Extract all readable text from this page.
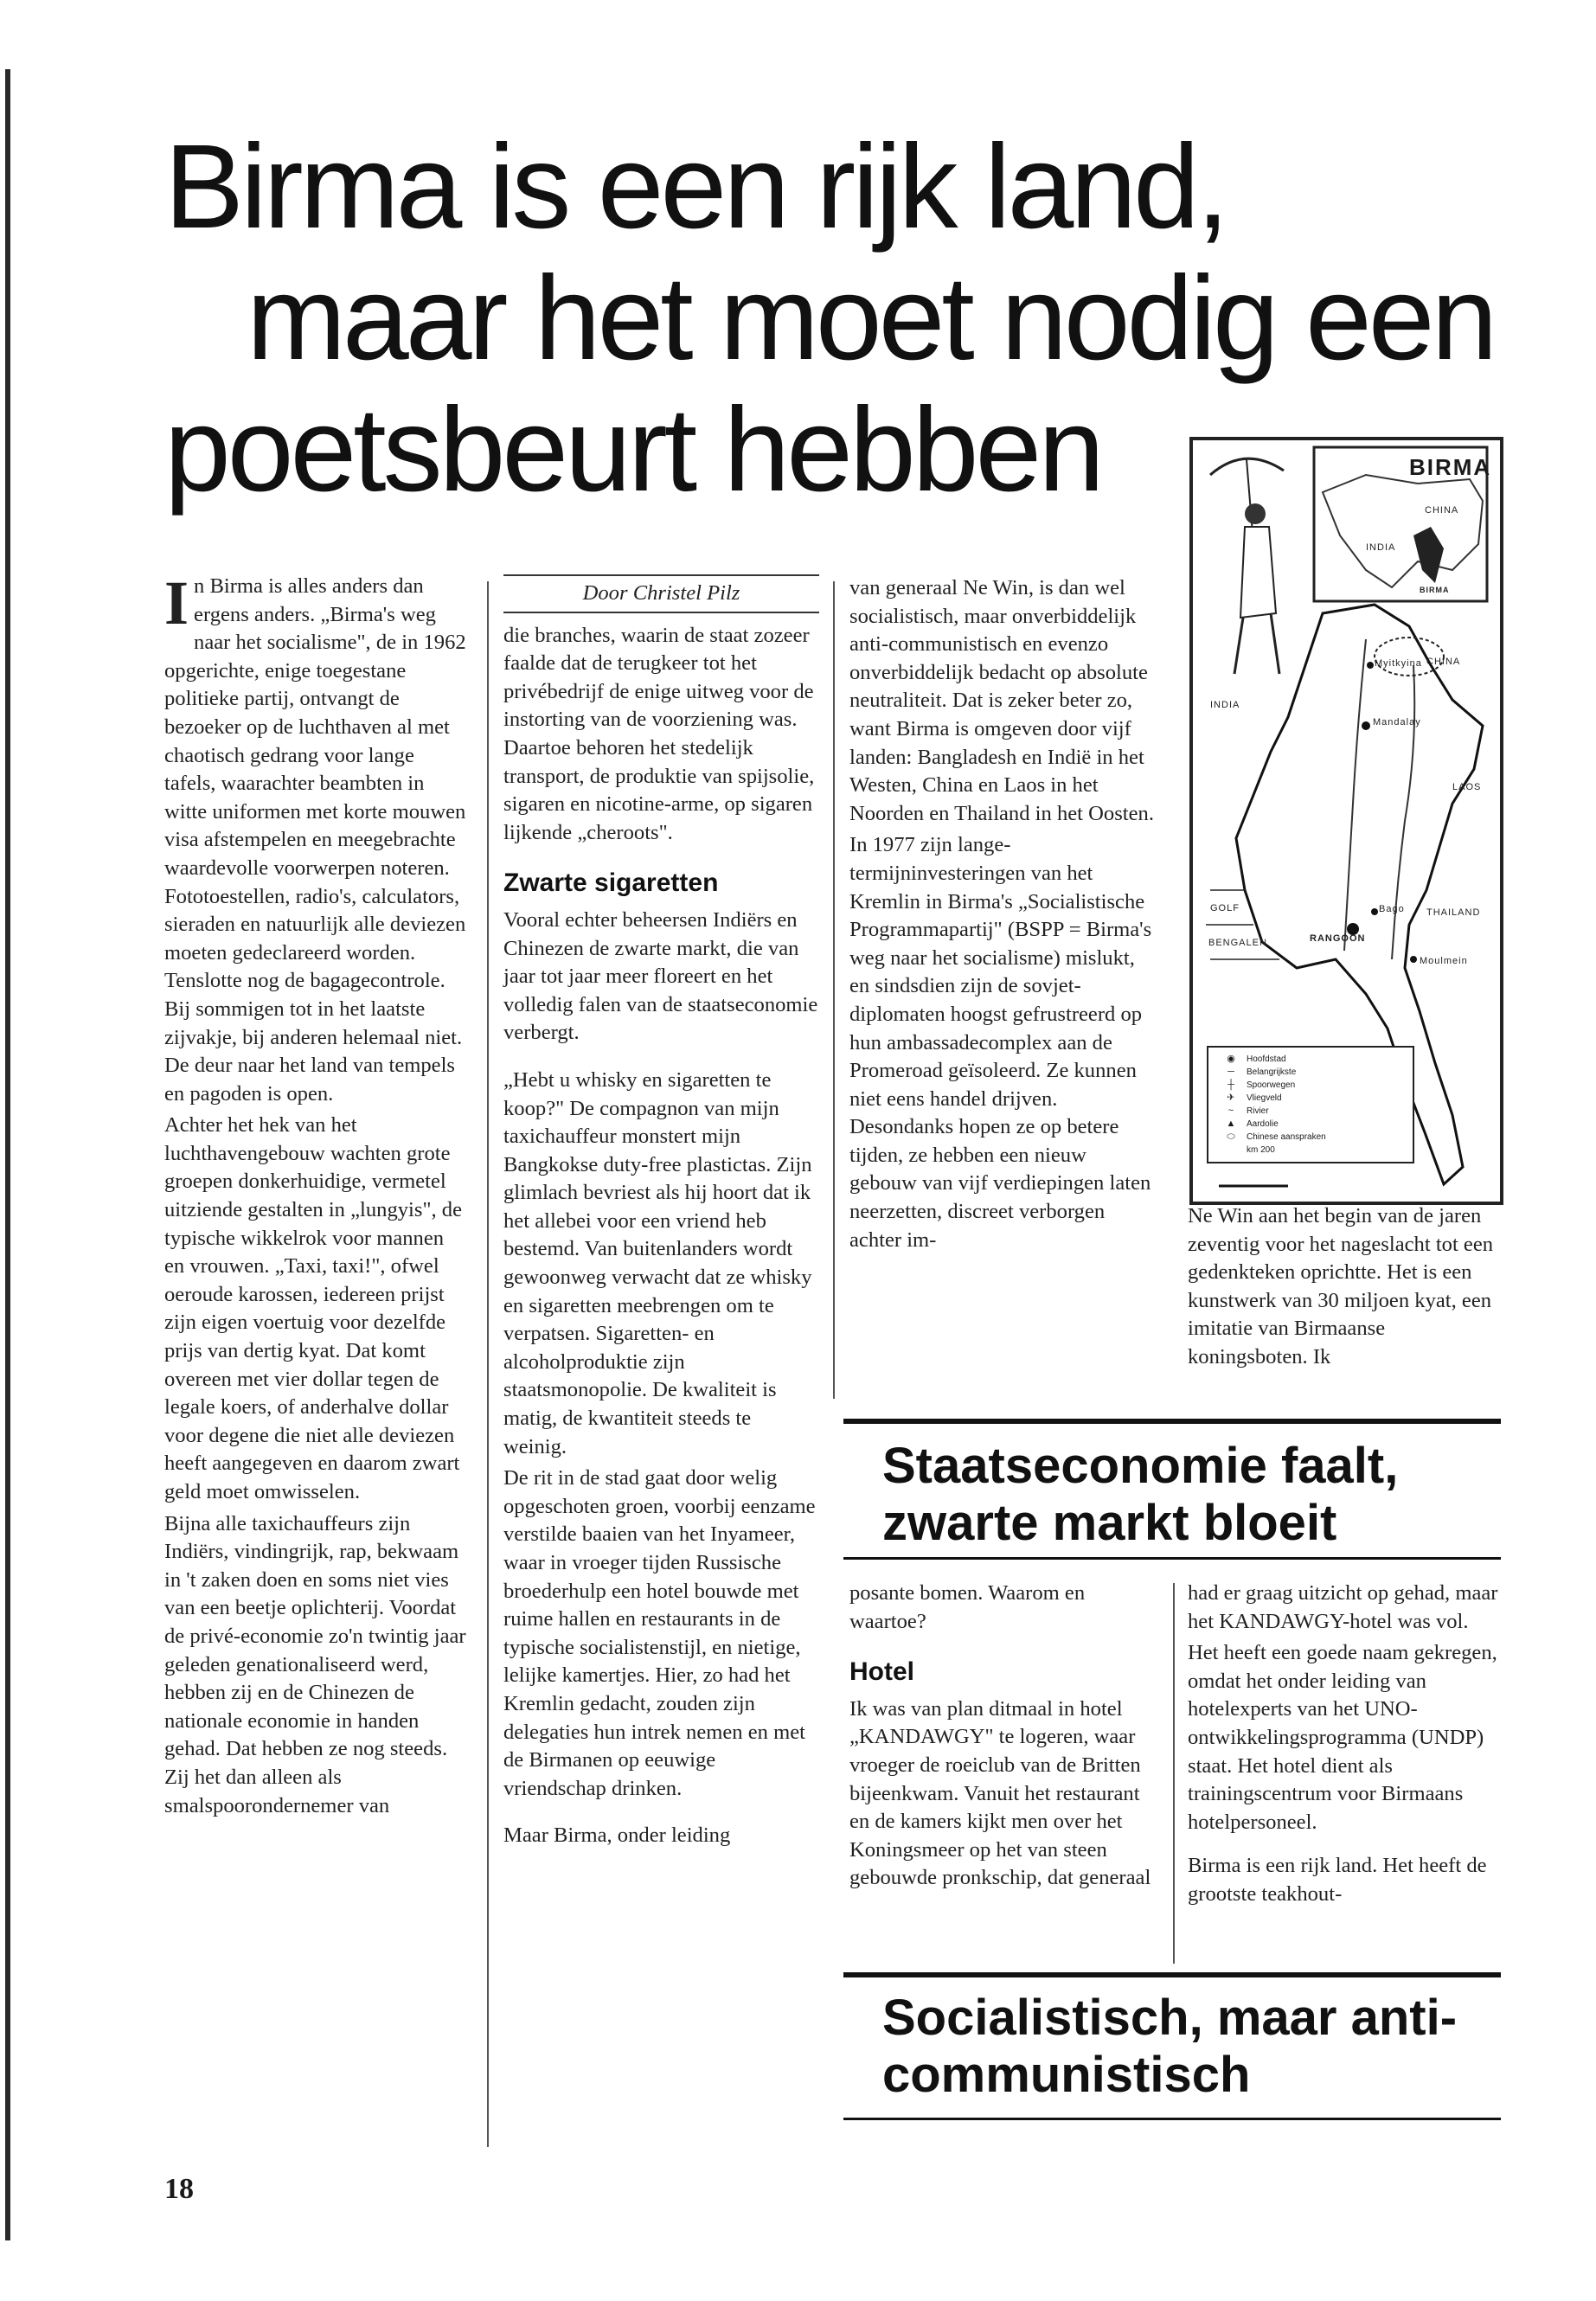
Birma is een rijk land,
maar het moet nodig een
poetsbeurt hebben	BIRMA
CHINA
INDIA
BIRMA
CHINA
INDIA
LAOS
THAILAND
GOLF
BENGALEN	RANGOON
Mandalay
Myitkyina
Bago
Moulmein
◉	Hoofdstad
─	Belangrijkste
┼	Spoorwegen
✈	Vliegveld
~	Rivier
▲	Aardolie
⬭	Chinese aanspraken
km 200

In Birma is alles anders dan ergens anders. „Birma's weg naar het socialisme", de in 1962 opgerichte, enige toegestane politieke partij, ontvangt de bezoeker op de luchthaven al met chaotisch gedrang voor lange tafels, waarachter beambten in witte uniformen met korte mouwen visa afstempelen en meegebrachte waardevolle voorwerpen noteren. Fototoestellen, radio's, calculators, sieraden en natuurlijk alle deviezen moeten gedeclareerd worden. Tenslotte nog de bagagecontrole. Bij sommigen tot in het laatste zijvakje, bij anderen helemaal niet. De deur naar het land van tempels en pagoden is open.

Achter het hek van het luchthavengebouw wachten grote groepen donkerhuidige, vermetel uitziende gestalten in „lungyis", de typische wikkelrok voor mannen en vrouwen. „Taxi, taxi!", ofwel oeroude karossen, iedereen prijst zijn eigen voertuig voor dezelfde prijs van dertig kyat. Dat komt overeen met vier dollar tegen de legale koers, of anderhalve dollar voor degene die niet alle deviezen heeft aangegeven en daarom zwart geld moet omwisselen.

Bijna alle taxichauffeurs zijn Indiërs, vindingrijk, rap, bekwaam in 't zaken doen en soms niet vies van een beetje oplichterij. Voordat de privé-economie zo'n twintig jaar geleden genationaliseerd werd, hebben zij en de Chinezen de nationale economie in handen gehad. Dat hebben ze nog steeds. Zij het dan alleen als smalspoorondernemer van

Door Christel Pilz

die branches, waarin de staat zozeer faalde dat de terugkeer tot het privébedrijf de enige uitweg voor de instorting van de voorziening was. Daartoe behoren het stedelijk transport, de produktie van spijsolie, sigaren en nicotine-arme, op sigaren lijkende „cheroots".

Zwarte sigaretten

Vooral echter beheersen Indiërs en Chinezen de zwarte markt, die van jaar tot jaar meer floreert en het volledig falen van de staatseconomie verbergt.

„Hebt u whisky en sigaretten te koop?" De compagnon van mijn taxichauffeur monstert mijn Bangkokse duty-free plastictas. Zijn glimlach bevriest als hij hoort dat ik het allebei voor een vriend heb bestemd. Van buitenlanders wordt gewoonweg verwacht dat ze whisky en sigaretten meebrengen om te verpatsen. Sigaretten- en alcoholproduktie zijn staatsmonopolie. De kwaliteit is matig, de kwantiteit steeds te weinig.

De rit in de stad gaat door welig opgeschoten groen, voorbij eenzame verstilde baaien van het Inyameer, waar in vroeger tijden Russische broederhulp een hotel bouwde met ruime hallen en restaurants in de typische socialistenstijl, en nietige, lelijke kamertjes. Hier, zo had het Kremlin gedacht, zouden zijn delegaties hun intrek nemen en met de Birmanen op eeuwige vriendschap drinken.

Maar Birma, onder leiding

van generaal Ne Win, is dan wel socialistisch, maar onverbiddelijk anti-communistisch en evenzo onverbiddelijk bedacht op absolute neutraliteit. Dat is zeker beter zo, want Birma is omgeven door vijf landen: Bangladesh en Indië in het Westen, China en Laos in het Noorden en Thailand in het Oosten.

In 1977 zijn lange-termijninvesteringen van het Kremlin in Birma's „Socialistische Programmapartij" (BSPP = Birma's weg naar het socialisme) mislukt, en sindsdien zijn de sovjet-diplomaten hoogst gefrustreerd op hun ambassadecomplex aan de Promeroad geïsoleerd. Ze kunnen niet eens handel drijven. Desondanks hopen ze op betere tijden, ze hebben een nieuw gebouw van vijf verdiepingen laten neerzetten, discreet verborgen achter im-

Ne Win aan het begin van de jaren zeventig voor het nageslacht tot een gedenkteken oprichtte. Het is een kunstwerk van 30 miljoen kyat, een imitatie van Birmaanse koningsboten. Ik

Staatseconomie faalt, zwarte markt bloeit

posante bomen. Waarom en waartoe?

Hotel

Ik was van plan ditmaal in hotel „KANDAWGY" te logeren, waar vroeger de roeiclub van de Britten bijeenkwam. Vanuit het restaurant en de kamers kijkt men over het Koningsmeer op het van steen gebouwde pronkschip, dat generaal

had er graag uitzicht op gehad, maar het KANDAWGY-hotel was vol.

Het heeft een goede naam gekregen, omdat het onder leiding van hotelexperts van het UNO-ontwikkelingsprogramma (UNDP) staat. Het hotel dient als trainingscentrum voor Birmaans hotelpersoneel.

Birma is een rijk land. Het heeft de grootste teakhout-

Socialistisch, maar anti-communistisch
18
